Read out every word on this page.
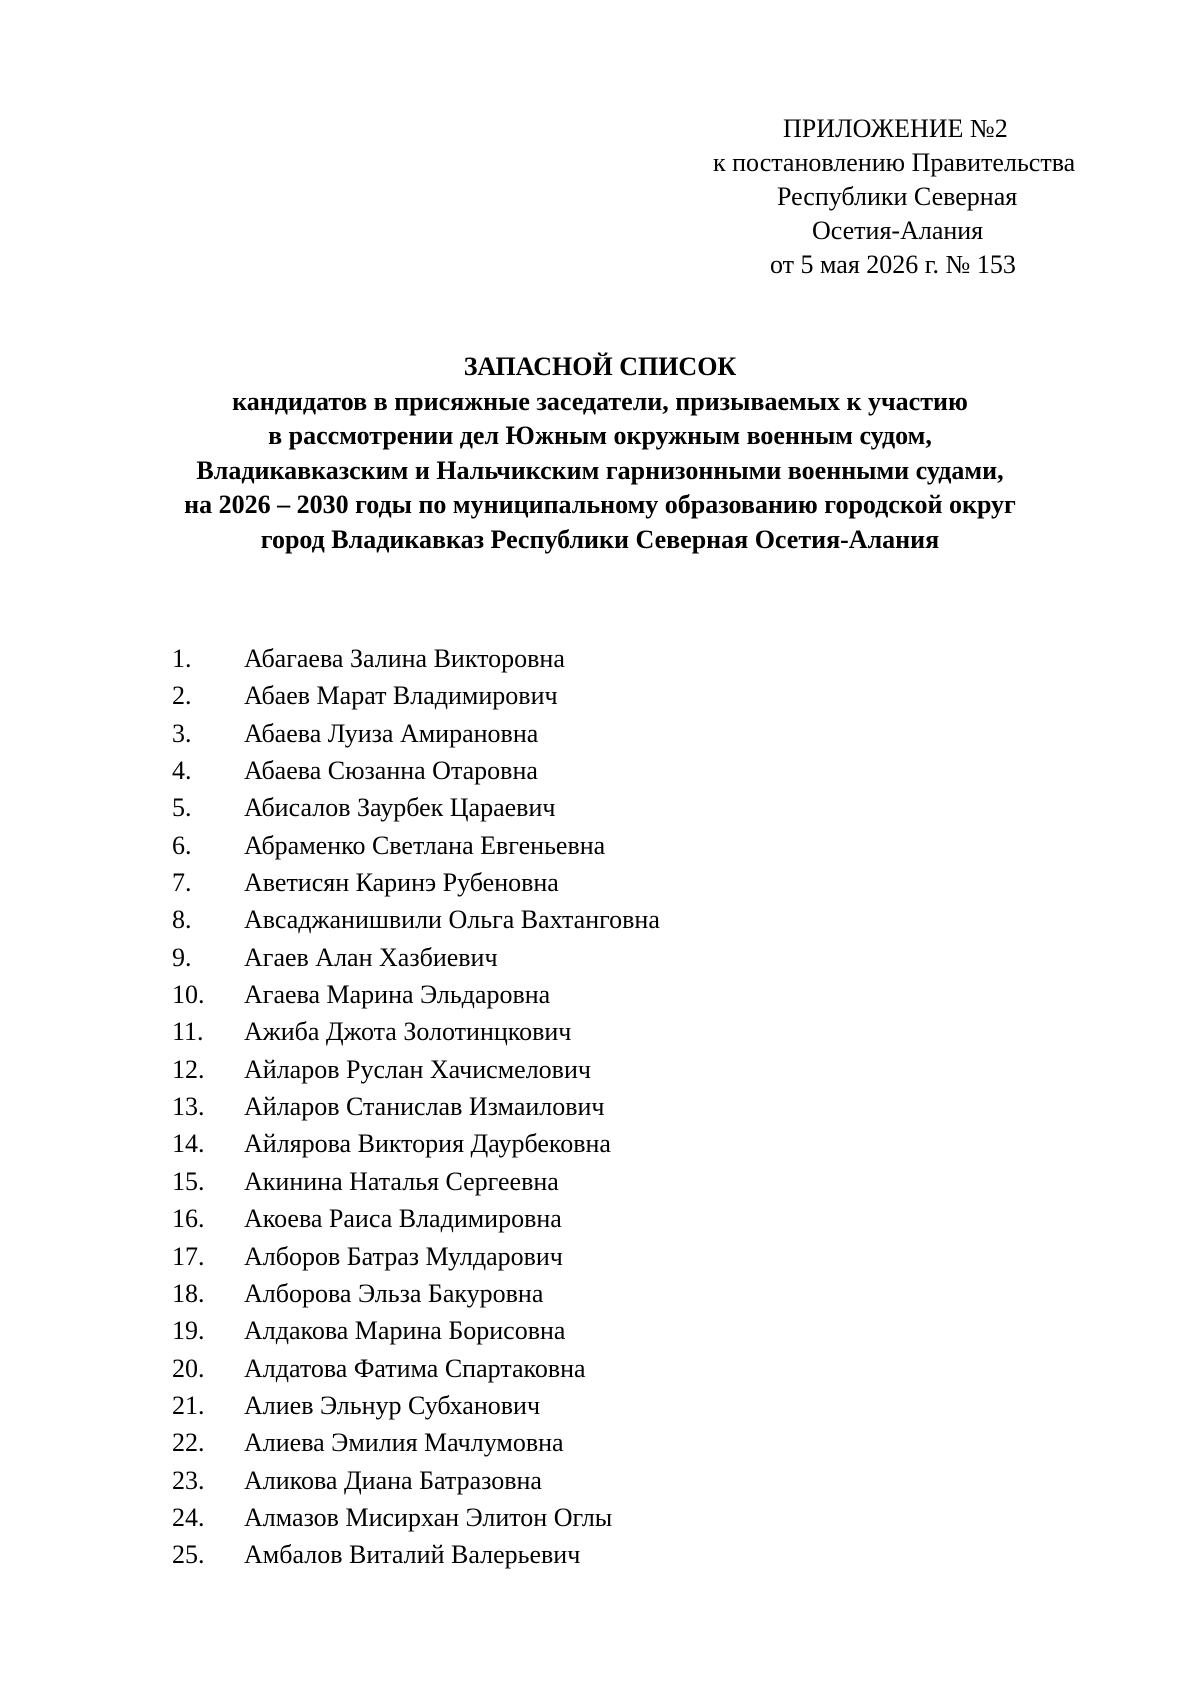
ПРИЛОЖЕНИЕ №2
к постановлению Правительства
Республики Северная
Осетия-Алания
от 5 мая 2026 г. № 153
ЗАПАСНОЙ СПИСОК
кандидатов в присяжные заседатели, призываемых к участию
в рассмотрении дел Южным окружным военным судом,
Владикавказским и Нальчикским гарнизонными военными судами,
на 2026 – 2030 годы по муниципальному образованию городской округ
город Владикавказ Республики Северная Осетия-Алания
1.	Абагаева Залина Викторовна
2.	Абаев Марат Владимирович
3.	Абаева Луиза Амирановна
4.	Абаева Сюзанна Отаровна
5.	Абисалов Заурбек Цараевич
6.	Абраменко Светлана Евгеньевна
7.	Аветисян Каринэ Рубеновна
8.	Авсаджанишвили Ольга Вахтанговна
9.	Агаев Алан Хазбиевич
10.	Агаева Марина Эльдаровна
11.	Ажиба Джота Золотинцкович
12.	Айларов Руслан Хачисмелович
13.	Айларов Станислав Измаилович
14.	Айлярова Виктория Даурбековна
15.	Акинина Наталья Сергеевна
16.	Акоева Раиса Владимировна
17.	Алборов Батраз Мулдарович
18.	Алборова Эльза Бакуровна
19.	Алдакова Марина Борисовна
20.	Алдатова Фатима Спартаковна
21.	Алиев Эльнур Субханович
22.	Алиева Эмилия Мачлумовна
23.	Аликова Диана Батразовна
24.	Алмазов Мисирхан Элитон Оглы
25.	Амбалов Виталий Валерьевич
